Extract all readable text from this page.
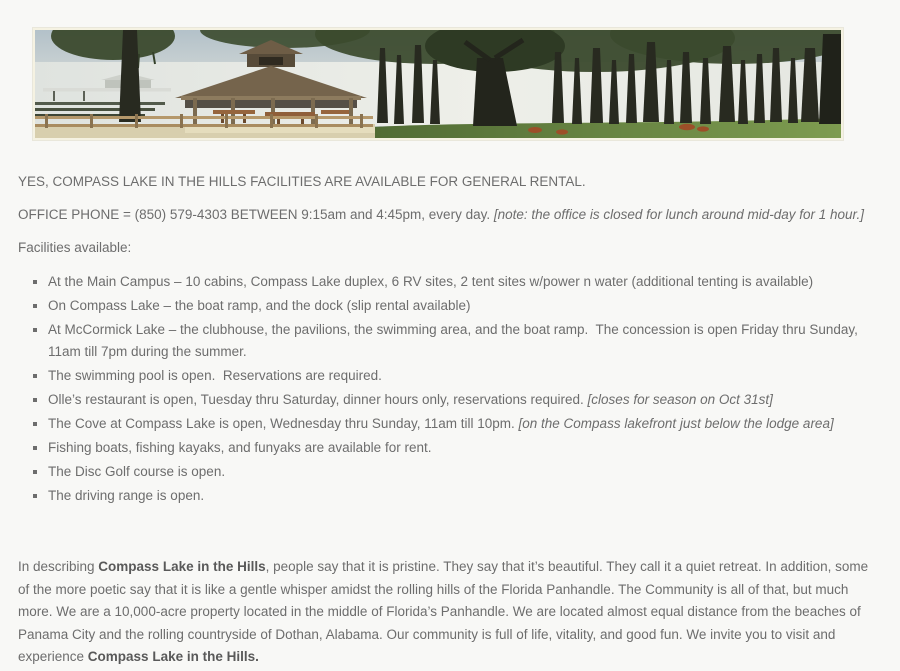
YES, COMPASS LAKE IN THE HILLS FACILITIES ARE AVAILABLE FOR GENERAL RENTAL.

OFFICE PHONE = (850) 579-4303 BETWEEN 9:15am and 4:45pm, every day. [note: the office is closed for lunch around mid-day for 1 hour.]

Facilities available:

▪ At the Main Campus – 10 cabins, Compass Lake duplex, 6 RV sites, 2 tent sites w/power n water (additional tenting is available)
▪ On Compass Lake – the boat ramp, and the dock (slip rental available)
▪ At McCormick Lake – the clubhouse, the pavilions, the swimming area, and the boat ramp.  The concession is open Friday thru Sunday, 11am till 7pm during the summer.
▪ The swimming pool is open.  Reservations are required.
▪ Olle’s restaurant is open, Tuesday thru Saturday, dinner hours only, reservations required. [closes for season on Oct 31st]
▪ The Cove at Compass Lake is open, Wednesday thru Sunday, 11am till 10pm. [on the Compass lakefront just below the lodge area]
▪ Fishing boats, fishing kayaks, and funyaks are available for rent.
▪ The Disc Golf course is open.
▪ The driving range is open.

In describing Compass Lake in the Hills, people say that it is pristine. They say that it’s beautiful. They call it a quiet retreat. In addition, some of the more poetic say that it is like a gentle whisper amidst the rolling hills of the Florida Panhandle. The Community is all of that, but much more. We are a 10,000-acre property located in the middle of Florida’s Panhandle. We are located almost equal distance from the beaches of Panama City and the rolling countryside of Dothan, Alabama. Our community is full of life, vitality, and good fun. We invite you to visit and experience Compass Lake in the Hills.
